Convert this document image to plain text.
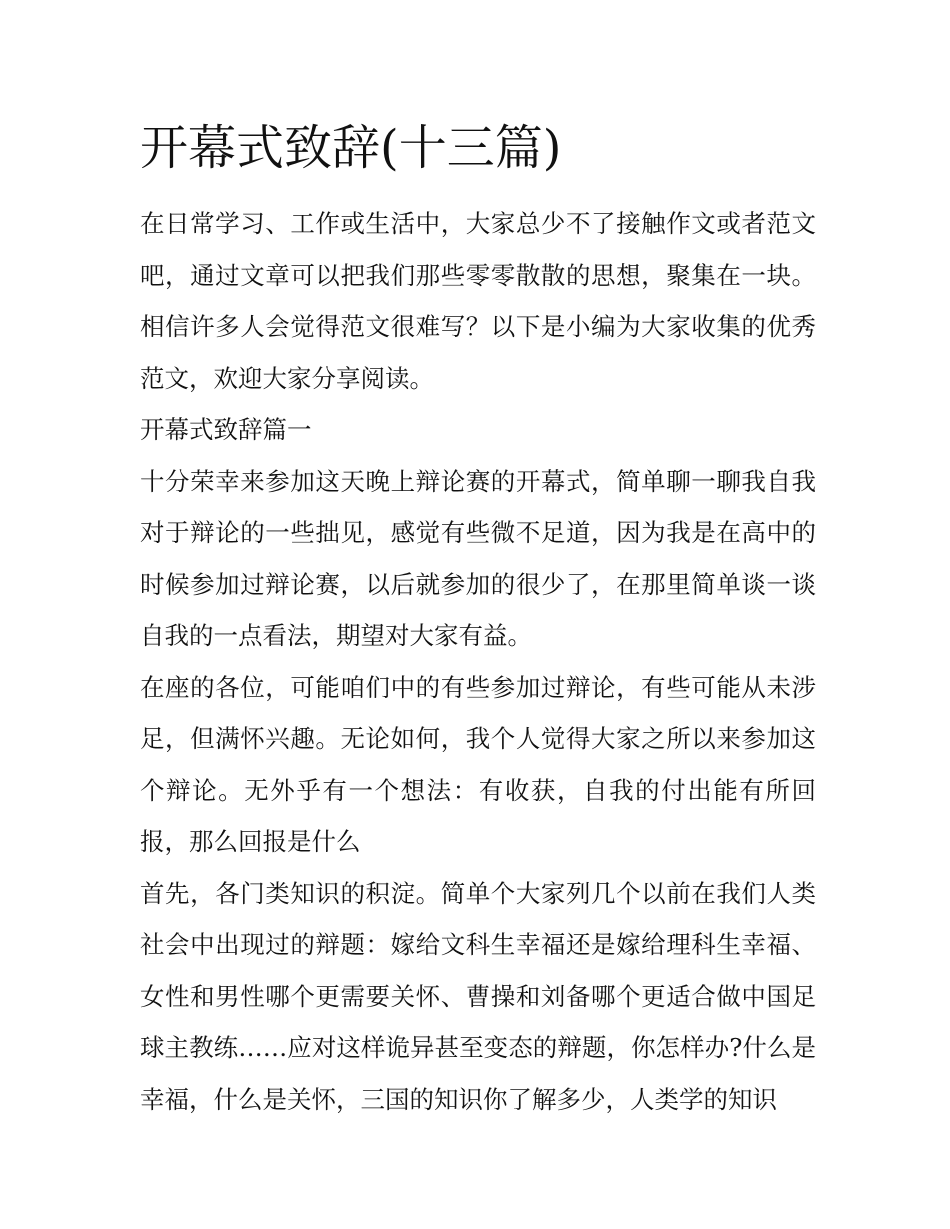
开幕式致辞(十三篇)

在日常学习、工作或生活中，大家总少不了接触作文或者范文吧，通过文章可以把我们那些零零散散的思想，聚集在一块。相信许多人会觉得范文很难写？以下是小编为大家收集的优秀范文，欢迎大家分享阅读。

开幕式致辞篇一

十分荣幸来参加这天晚上辩论赛的开幕式，简单聊一聊我自我对于辩论的一些拙见，感觉有些微不足道，因为我是在高中的时候参加过辩论赛，以后就参加的很少了，在那里简单谈一谈自我的一点看法，期望对大家有益。

在座的各位，可能咱们中的有些参加过辩论，有些可能从未涉足，但满怀兴趣。无论如何，我个人觉得大家之所以来参加这个辩论。无外乎有一个想法：有收获，自我的付出能有所回报，那么回报是什么

首先，各门类知识的积淀。简单个大家列几个以前在我们人类社会中出现过的辩题：嫁给文科生幸福还是嫁给理科生幸福、女性和男性哪个更需要关怀、曹操和刘备哪个更适合做中国足球主教练……应对这样诡异甚至变态的辩题，你怎样办?什么是幸福，什么是关怀，三国的知识你了解多少，人类学的知识
